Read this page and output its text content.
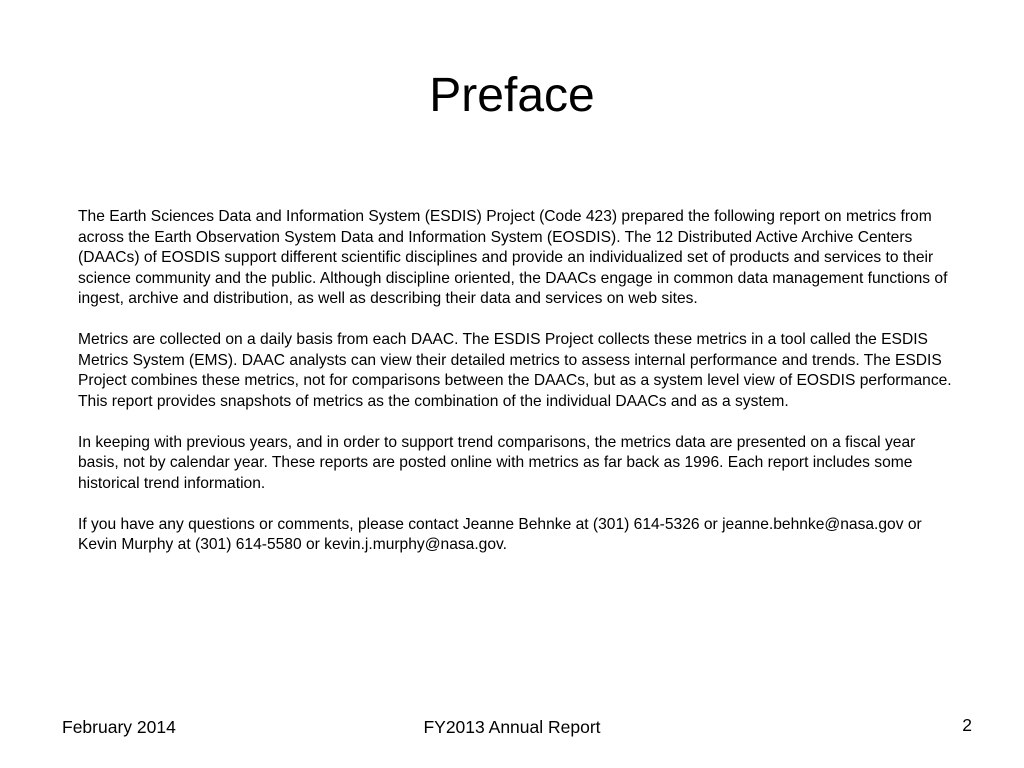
Preface

The Earth Sciences Data and Information System (ESDIS) Project (Code 423) prepared the following report on metrics from across the Earth Observation System Data and Information System (EOSDIS). The 12 Distributed Active Archive Centers (DAACs) of EOSDIS support different scientific disciplines and provide an individualized set of products and services to their science community and the public. Although discipline oriented, the DAACs engage in common data management functions of ingest, archive and distribution, as well as describing their data and services on web sites.

Metrics are collected on a daily basis from each DAAC. The ESDIS Project collects these metrics in a tool called the ESDIS Metrics System (EMS). DAAC analysts can view their detailed metrics to assess internal performance and trends. The ESDIS Project combines these metrics, not for comparisons between the DAACs, but as a system level view of EOSDIS performance. This report provides snapshots of metrics as the combination of the individual DAACs and as a system.

In keeping with previous years, and in order to support trend comparisons, the metrics data are presented on a fiscal year basis, not by calendar year. These reports are posted online with metrics as far back as 1996. Each report includes some historical trend information.

If you have any questions or comments, please contact Jeanne Behnke at (301) 614-5326 or jeanne.behnke@nasa.gov or Kevin Murphy at (301) 614-5580 or kevin.j.murphy@nasa.gov.

February 2014	FY2013 Annual Report	2
